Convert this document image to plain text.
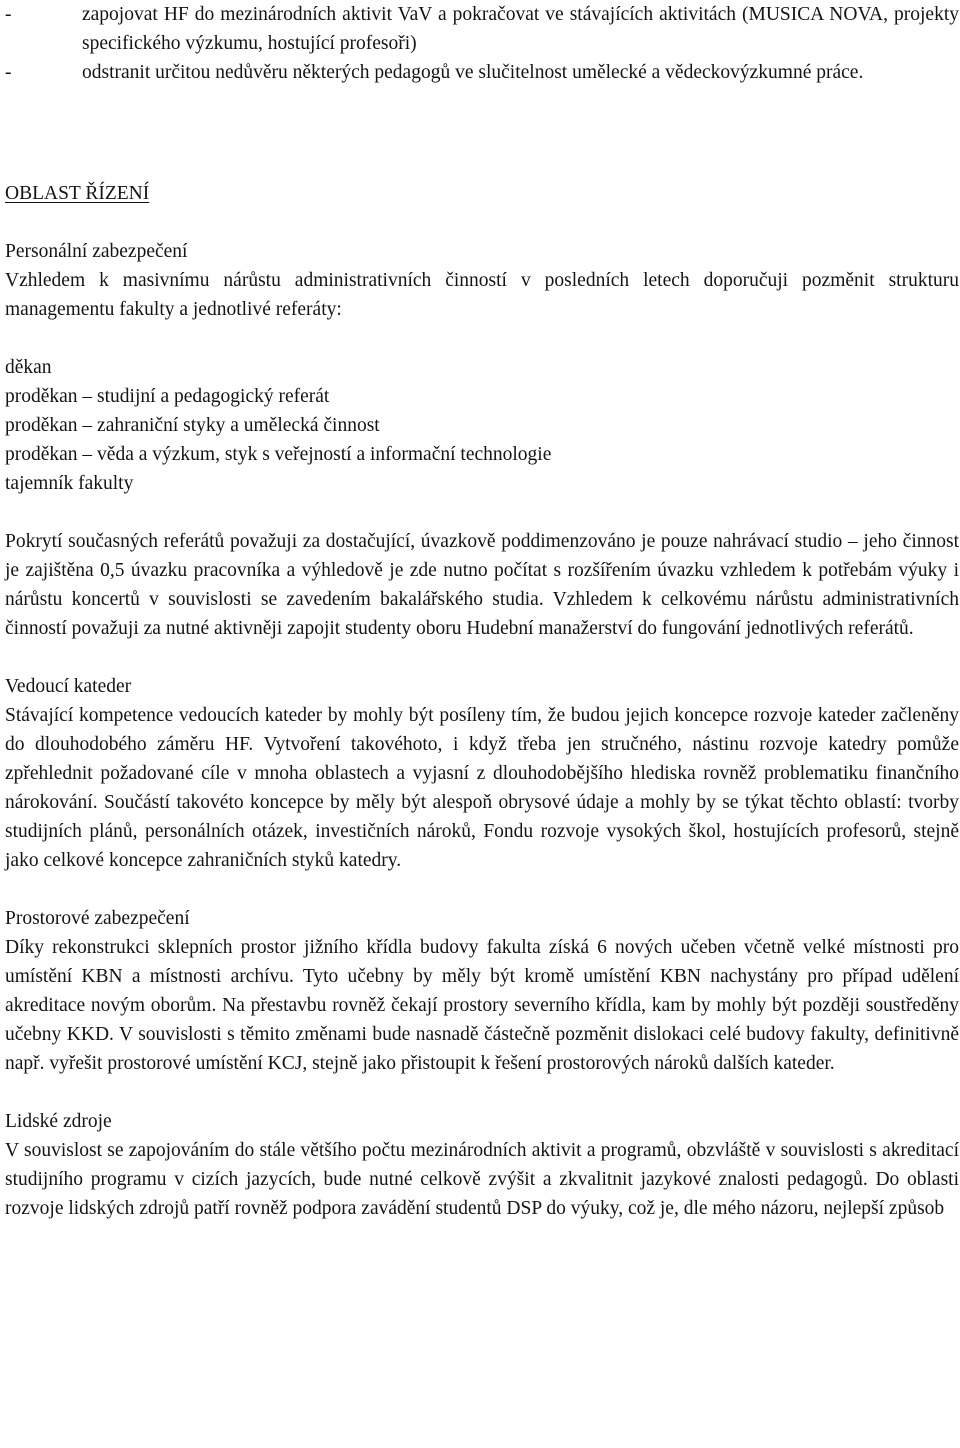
-	zapojovat HF do mezinárodních aktivit VaV a pokračovat ve stávajících aktivitách (MUSICA NOVA, projekty specifického výzkumu, hostující profesoři)
-	odstranit určitou nedůvěru některých pedagogů ve slučitelnost umělecké a vědeckovýzkumné práce.

OBLAST ŘÍZENÍ

Personální zabezpečení

Vzhledem k masivnímu nárůstu administrativních činností v posledních letech doporučuji pozměnit strukturu managementu fakulty a jednotlivé referáty:

děkan

proděkan – studijní a pedagogický referát

proděkan – zahraniční styky a umělecká činnost

proděkan – věda a výzkum, styk s veřejností a informační technologie

tajemník fakulty

Pokrytí současných referátů považuji za dostačující, úvazkově poddimenzováno je pouze nahrávací studio – jeho činnost je zajištěna 0,5 úvazku pracovníka a výhledově je zde nutno počítat s rozšířením úvazku vzhledem k potřebám výuky i nárůstu koncertů v souvislosti se zavedením bakalářského studia. Vzhledem k celkovému nárůstu administrativních činností považuji za nutné aktivněji zapojit studenty oboru Hudební manažerství do fungování jednotlivých referátů.

Vedoucí kateder

Stávající kompetence vedoucích kateder by mohly být posíleny tím, že budou jejich koncepce rozvoje kateder začleněny do dlouhodobého záměru HF. Vytvoření takovéhoto, i když třeba jen stručného, nástinu rozvoje katedry pomůže zpřehlednit požadované cíle v mnoha oblastech a vyjasní z dlouhodobějšího hlediska rovněž problematiku finančního nárokování. Součástí takovéto koncepce by měly být alespoň obrysové údaje a mohly by se týkat těchto oblastí: tvorby studijních plánů, personálních otázek, investičních nároků, Fondu rozvoje vysokých škol, hostujících profesorů, stejně jako celkové koncepce zahraničních styků katedry.

Prostorové zabezpečení

Díky rekonstrukci sklepních prostor jižního křídla budovy fakulta získá 6 nových učeben včetně velké místnosti pro umístění KBN a místnosti archívu. Tyto učebny by měly být kromě umístění KBN nachystány pro případ udělení akreditace novým oborům. Na přestavbu rovněž čekají prostory severního křídla, kam by mohly být později soustředěny učebny KKD. V souvislosti s těmito změnami bude nasnadě částečně pozměnit dislokaci celé budovy fakulty, definitivně např. vyřešit prostorové umístění KCJ, stejně jako přistoupit k řešení prostorových nároků dalších kateder.

Lidské zdroje

V souvislost se zapojováním do stále většího počtu mezinárodních aktivit a programů, obzvláště v souvislosti s akreditací studijního programu v cizích jazycích, bude nutné celkově zvýšit a zkvalitnit jazykové znalosti pedagogů. Do oblasti rozvoje lidských zdrojů patří rovněž podpora zavádění studentů DSP do výuky, což je, dle mého názoru, nejlepší způsob
